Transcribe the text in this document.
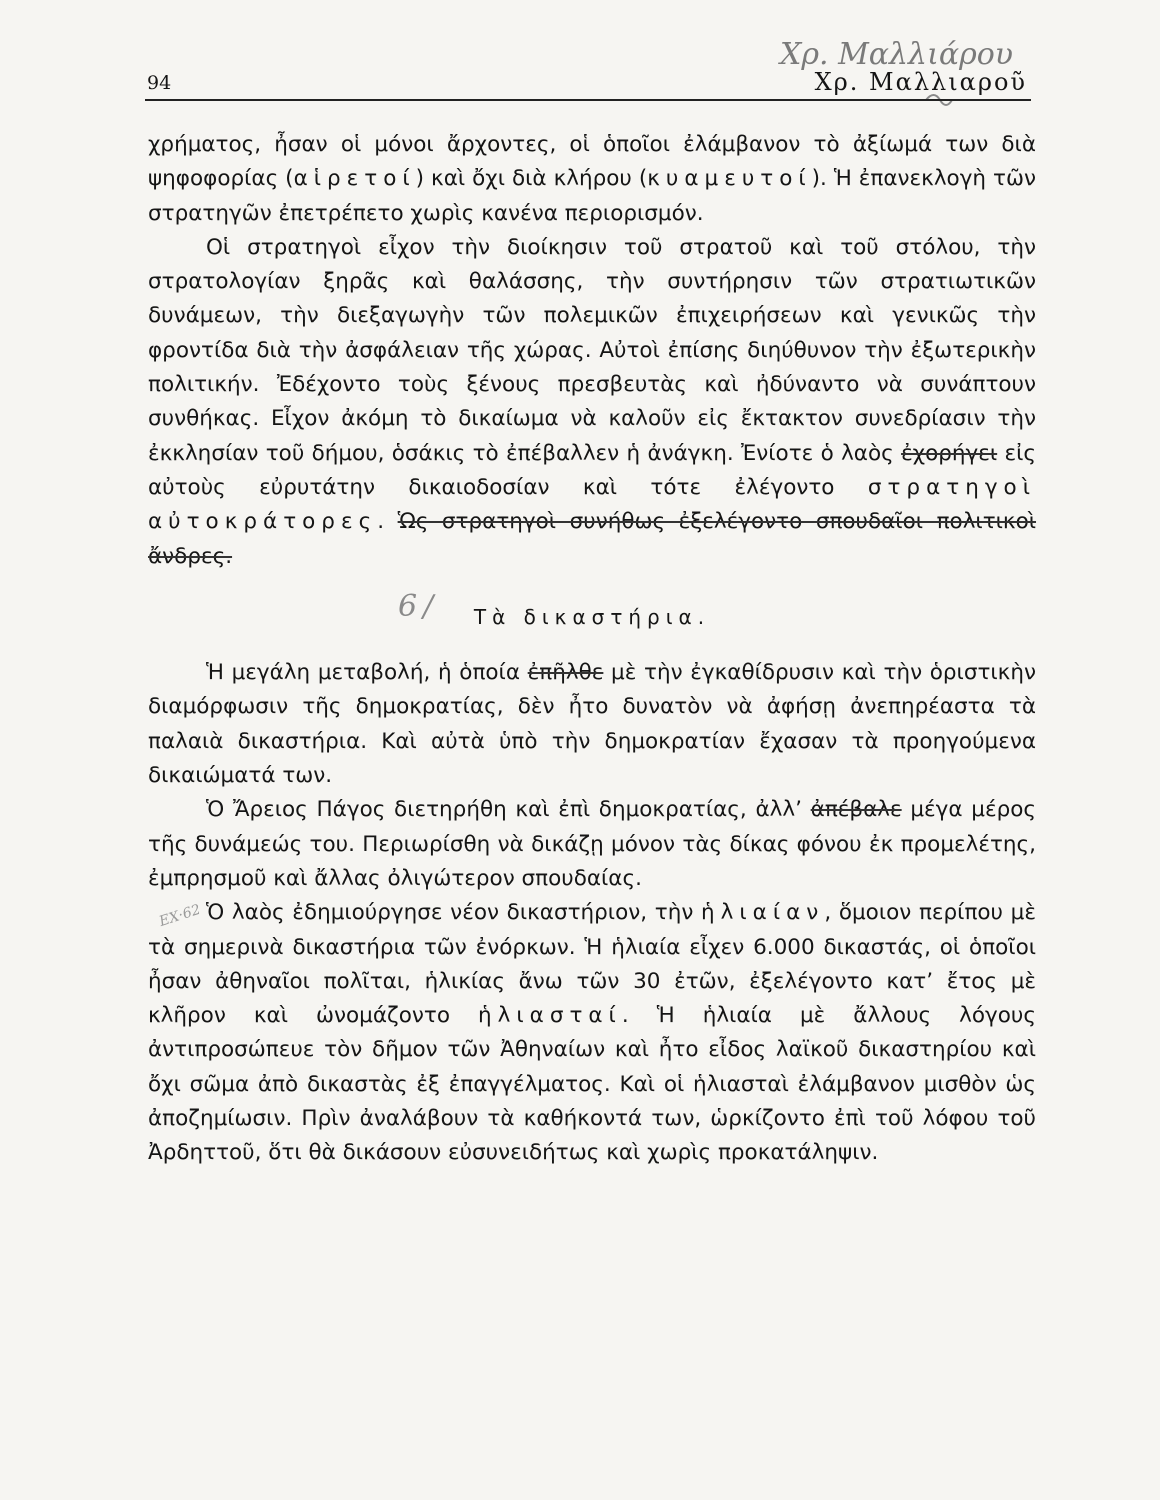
Χρ. Μαλλιάρου
94	Χρ. Μαλλιαροῦ
ΕΧ·62

χρήματος, ἦσαν οἱ μόνοι ἄρχοντες, οἱ ὁποῖοι ἐλάμβανον τὸ ἀξίωμά των διὰ ψηφοφορίας (αἱρετοί) καὶ ὄχι διὰ κλήρου (κυαμευτοί). Ἡ ἐπανεκλογὴ τῶν στρατηγῶν ἐπετρέπετο χωρὶς κανένα περιορισμόν.

Οἱ στρατηγοὶ εἶχον τὴν διοίκησιν τοῦ στρατοῦ καὶ τοῦ στόλου, τὴν στρατολογίαν ξηρᾶς καὶ θαλάσσης, τὴν συντήρησιν τῶν στρατιωτικῶν δυνάμεων, τὴν διεξαγωγὴν τῶν πολεμικῶν ἐπιχειρήσεων καὶ γενικῶς τὴν φροντίδα διὰ τὴν ἀσφάλειαν τῆς χώρας. Αὐτοὶ ἐπίσης διηύθυνον τὴν ἐξωτερικὴν πολιτικήν. Ἐδέχοντο τοὺς ξένους πρεσβευτὰς καὶ ἠδύναντο νὰ συνάπτουν συνθήκας. Εἶχον ἀκόμη τὸ δικαίωμα νὰ καλοῦν εἰς ἔκτακτον συνεδρίασιν τὴν ἐκκλησίαν τοῦ δήμου, ὁσάκις τὸ ἐπέβαλλεν ἡ ἀνάγκη. Ἐνίοτε ὁ λαὸς ἐχορήγει εἰς αὐτοὺς εὐρυτάτην δικαιοδοσίαν καὶ τότε ἐλέγοντο στρατηγοὶ αὐτοκράτορες. Ὡς στρατηγοὶ συνήθως ἐξελέγοντο σπουδαῖοι πολιτικοὶ ἄνδρες.

6/ Τὰ δικαστήρια.

Ἡ μεγάλη μεταβολή, ἡ ὁποία ἐπῆλθε μὲ τὴν ἐγκαθίδρυσιν καὶ τὴν ὁριστικὴν διαμόρφωσιν τῆς δημοκρατίας, δὲν ἦτο δυνατὸν νὰ ἀφήσῃ ἀνεπηρέαστα τὰ παλαιὰ δικαστήρια. Καὶ αὐτὰ ὑπὸ τὴν δημοκρατίαν ἔχασαν τὰ προηγούμενα δικαιώματά των.

Ὁ Ἄρειος Πάγος διετηρήθη καὶ ἐπὶ δημοκρατίας, ἀλλ’ ἀπέβαλε μέγα μέρος τῆς δυνάμεώς του. Περιωρίσθη νὰ δικάζῃ μόνον τὰς δίκας φόνου ἐκ προμελέτης, ἐμπρησμοῦ καὶ ἄλλας ὀλιγώτερον σπουδαίας.

Ὁ λαὸς ἐδημιούργησε νέον δικαστήριον, τὴν ἡλιαίαν, ὅμοιον περίπου μὲ τὰ σημερινὰ δικαστήρια τῶν ἐνόρκων. Ἡ ἡλιαία εἶχεν 6.000 δικαστάς, οἱ ὁποῖοι ἦσαν ἀθηναῖοι πολῖται, ἡλικίας ἄνω τῶν 30 ἐτῶν, ἐξελέγοντο κατ’ ἔτος μὲ κλῆρον καὶ ὠνομάζοντο ἡλιασταί. Ἡ ἡλιαία μὲ ἄλλους λόγους ἀντιπροσώπευε τὸν δῆμον τῶν Ἀθηναίων καὶ ἦτο εἶδος λαϊκοῦ δικαστηρίου καὶ ὄχι σῶμα ἀπὸ δικαστὰς ἐξ ἐπαγγέλματος. Καὶ οἱ ἡλιασταὶ ἐλάμβανον μισθὸν ὡς ἀποζημίωσιν. Πρὶν ἀναλάβουν τὰ καθήκοντά των, ὡρκίζοντο ἐπὶ τοῦ λόφου τοῦ Ἀρδηττοῦ, ὅτι θὰ δικάσουν εὐσυνειδήτως καὶ χωρὶς προκατάληψιν.
